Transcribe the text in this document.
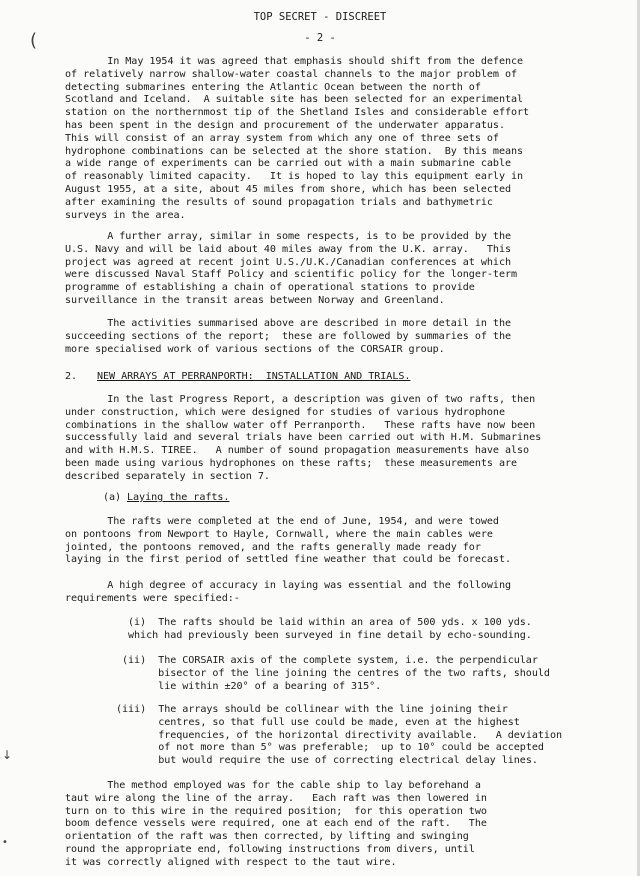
(
↓
•
TOP SECRET - DISCREET
- 2 -
In May 1954 it was agreed that emphasis should shift from the defence
of relatively narrow shallow-water coastal channels to the major problem of
detecting submarines entering the Atlantic Ocean between the north of
Scotland and Iceland.  A suitable site has been selected for an experimental
station on the northernmost tip of the Shetland Isles and considerable effort
has been spent in the design and procurement of the underwater apparatus.
This will consist of an array system from which any one of three sets of
hydrophone combinations can be selected at the shore station.  By this means
a wide range of experiments can be carried out with a main submarine cable
of reasonably limited capacity.   It is hoped to lay this equipment early in
August 1955, at a site, about 45 miles from shore, which has been selected
after examining the results of sound propagation trials and bathymetric
surveys in the area.
A further array, similar in some respects, is to be provided by the
U.S. Navy and will be laid about 40 miles away from the U.K. array.   This
project was agreed at recent joint U.S./U.K./Canadian conferences at which
were discussed Naval Staff Policy and scientific policy for the longer-term
programme of establishing a chain of operational stations to provide
surveillance in the transit areas between Norway and Greenland.
The activities summarised above are described in more detail in the
succeeding sections of the report;  these are followed by summaries of the
more specialised work of various sections of the CORSAIR group.
2. NEW ARRAYS AT PERRANPORTH:  INSTALLATION AND TRIALS.
In the last Progress Report, a description was given of two rafts, then
under construction, which were designed for studies of various hydrophone
combinations in the shallow water off Perranporth.   These rafts have now been
successfully laid and several trials have been carried out with H.M. Submarines
and with H.M.S. TIREE.   A number of sound propagation measurements have also
been made using various hydrophones on these rafts;  these measurements are
described separately in section 7.
(a) Laying the rafts.
The rafts were completed at the end of June, 1954, and were towed
on pontoons from Newport to Hayle, Cornwall, where the main cables were
jointed, the pontoons removed, and the rafts generally made ready for
laying in the first period of settled fine weather that could be forecast.
A high degree of accuracy in laying was essential and the following
requirements were specified:-
(i)  The rafts should be laid within an area of 500 yds. x 100 yds.
which had previously been surveyed in fine detail by echo-sounding.
(ii)  The CORSAIR axis of the complete system, i.e. the perpendicular
bisector of the line joining the centres of the two rafts, should
lie within ±20° of a bearing of 315°.
(iii)  The arrays should be collinear with the line joining their
centres, so that full use could be made, even at the highest
frequencies, of the horizontal directivity available.   A deviation
of not more than 5° was preferable;  up to 10° could be accepted
but would require the use of correcting electrical delay lines.
The method employed was for the cable ship to lay beforehand a
taut wire along the line of the array.   Each raft was then lowered in
turn on to this wire in the required position;  for this operation two
boom defence vessels were required, one at each end of the raft.   The
orientation of the raft was then corrected, by lifting and swinging
round the appropriate end, following instructions from divers, until
it was correctly aligned with respect to the taut wire.
